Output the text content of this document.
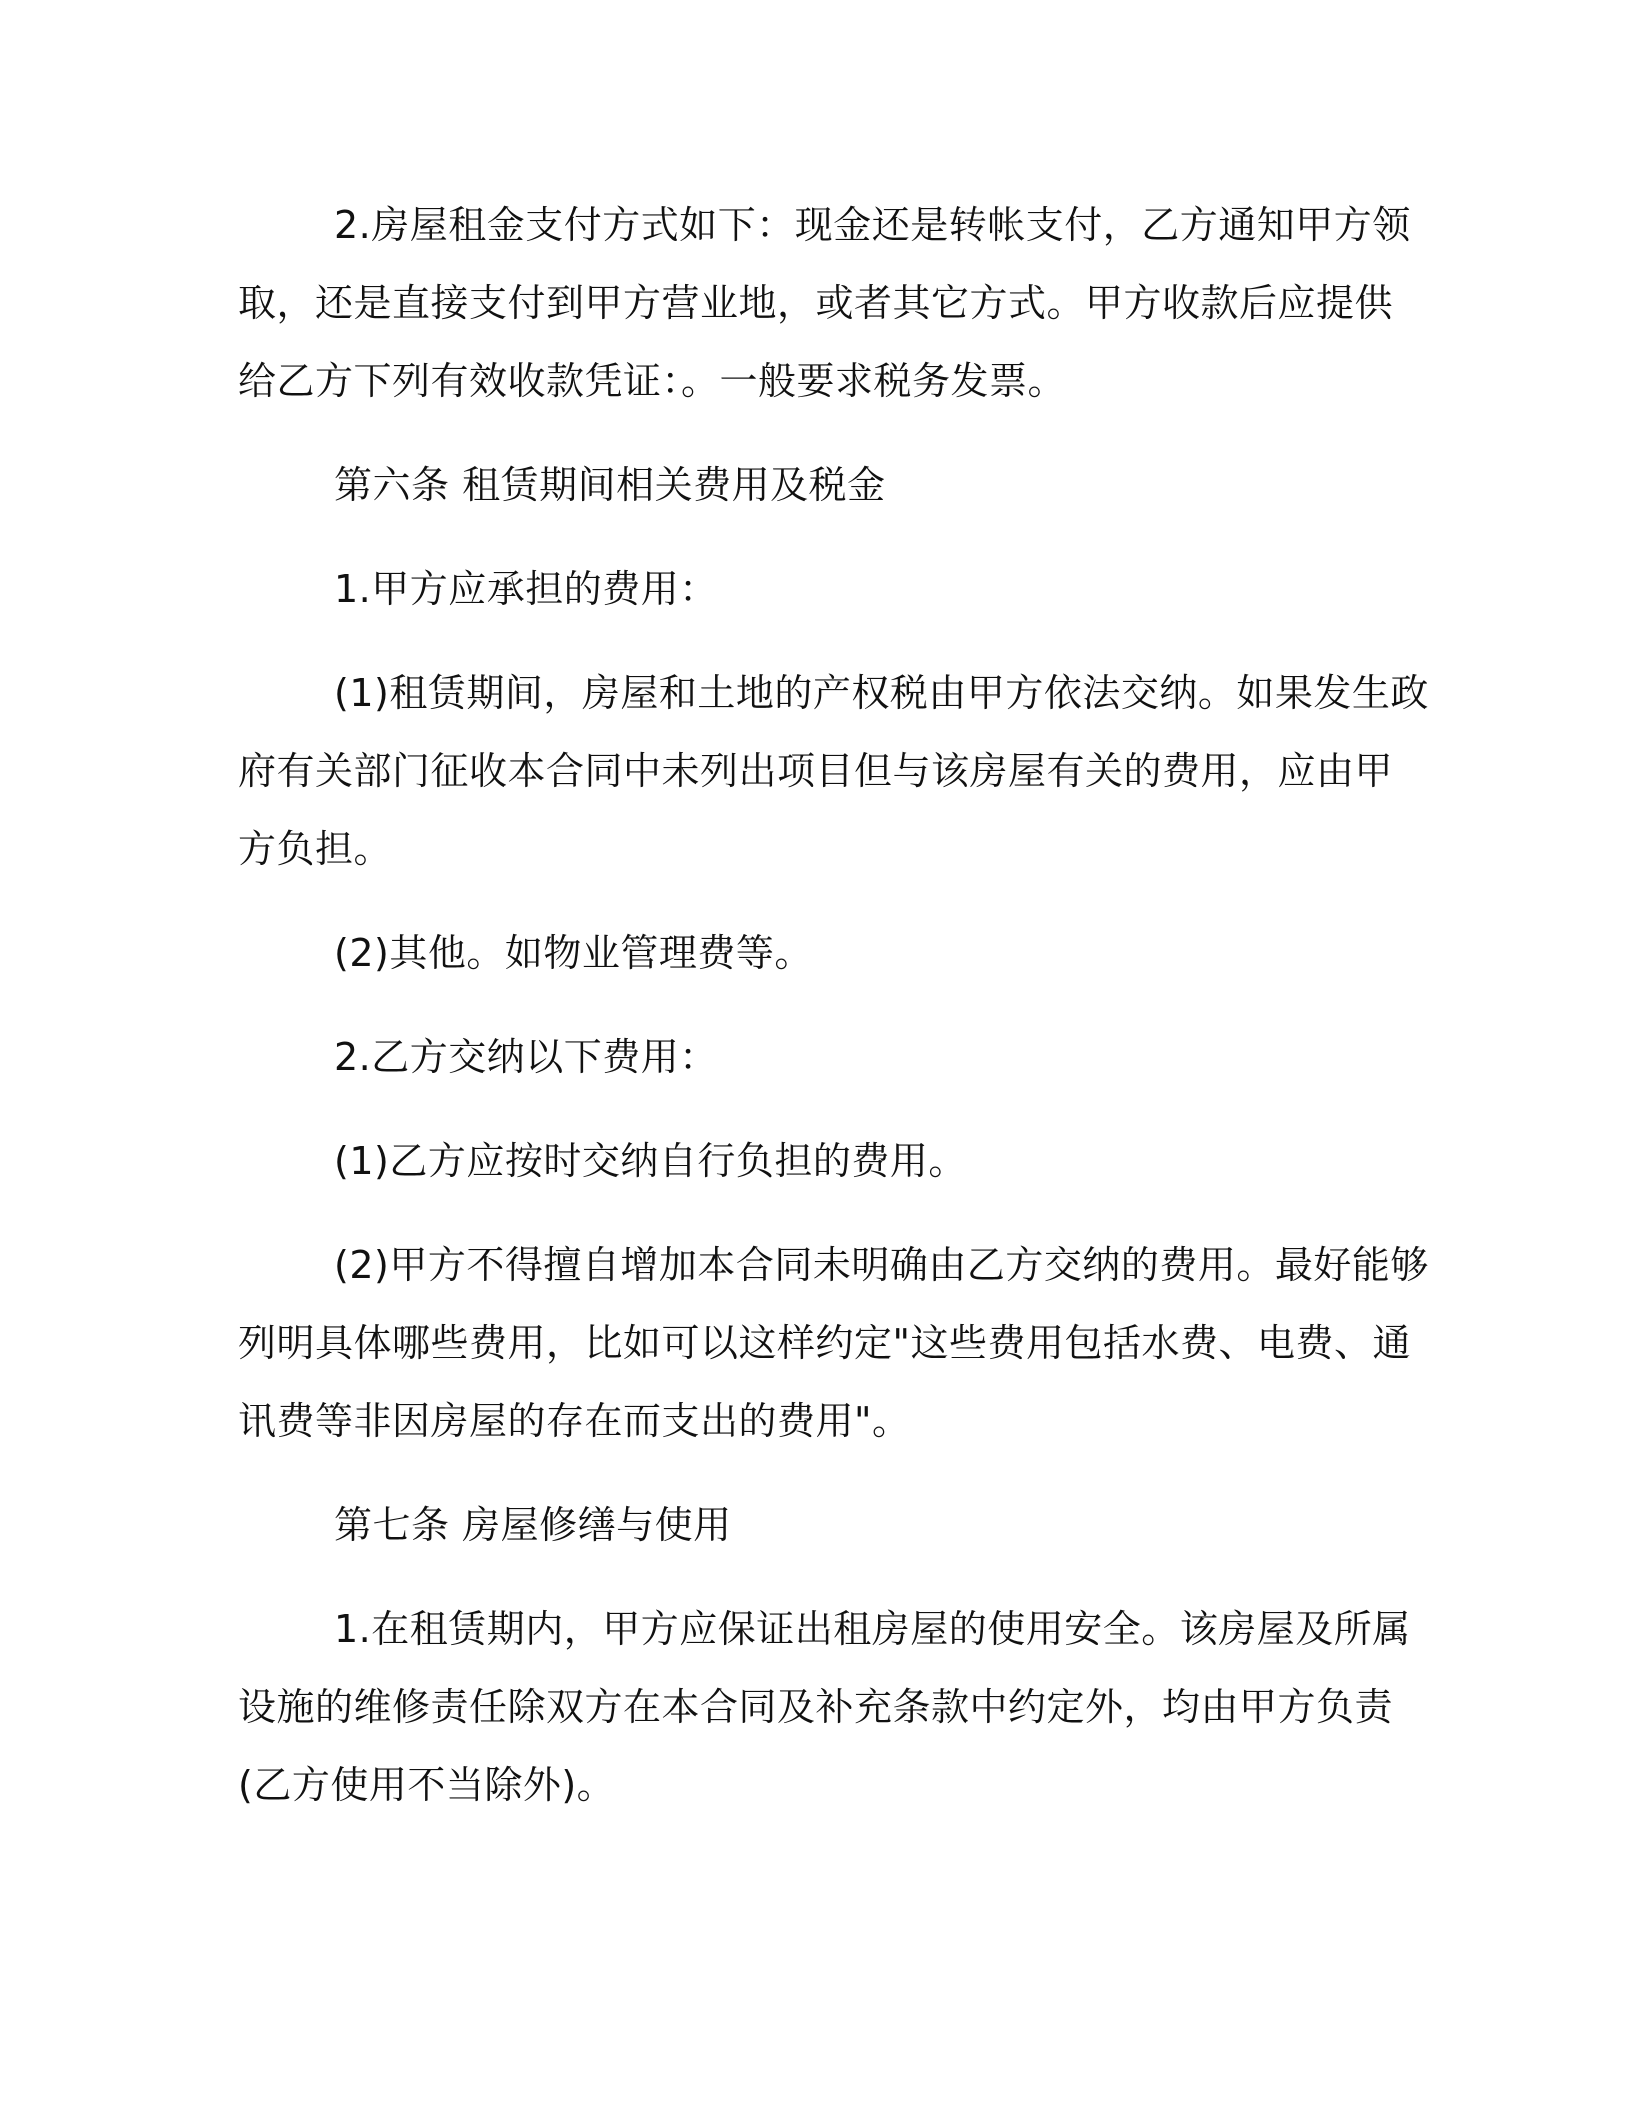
2.房屋租金支付方式如下：现金还是转帐支付，乙方通知甲方领
取，还是直接支付到甲方营业地，或者其它方式。甲方收款后应提供
给乙方下列有效收款凭证：。一般要求税务发票。

第六条 租赁期间相关费用及税金

1.甲方应承担的费用：

(1)租赁期间，房屋和土地的产权税由甲方依法交纳。如果发生政
府有关部门征收本合同中未列出项目但与该房屋有关的费用，应由甲
方负担。

(2)其他。如物业管理费等。

2.乙方交纳以下费用：

(1)乙方应按时交纳自行负担的费用。

(2)甲方不得擅自增加本合同未明确由乙方交纳的费用。最好能够
列明具体哪些费用，比如可以这样约定"这些费用包括水费、电费、通
讯费等非因房屋的存在而支出的费用"。

第七条 房屋修缮与使用

1.在租赁期内，甲方应保证出租房屋的使用安全。该房屋及所属
设施的维修责任除双方在本合同及补充条款中约定外，均由甲方负责
(乙方使用不当除外)。
